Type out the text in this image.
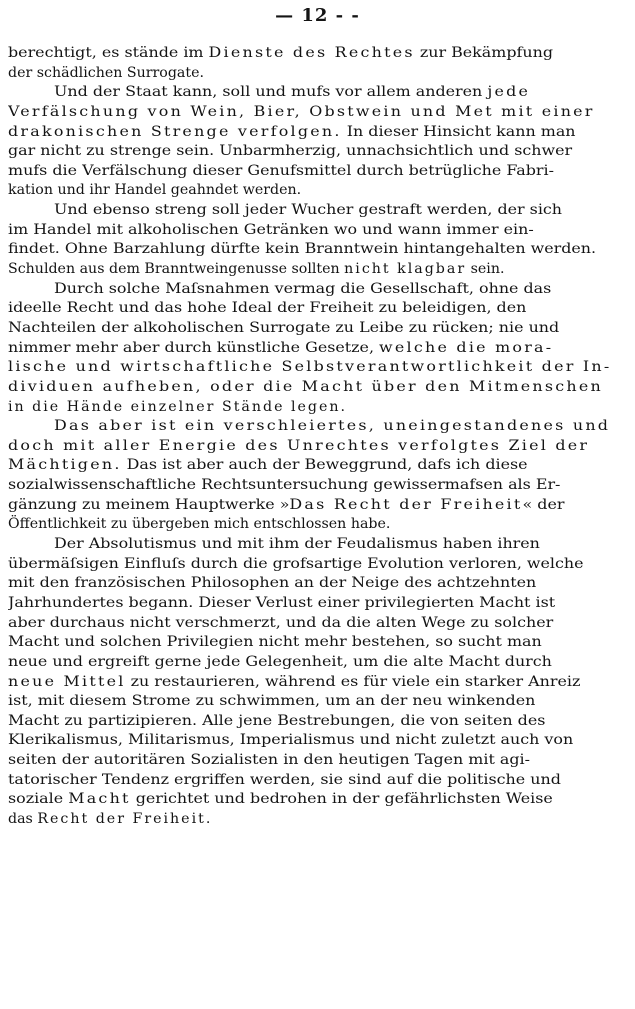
— 12 - -
berechtigt, es stände im Dienste des Rechtes zur Bekämpfung
der schädlichen Surrogate.
Und der Staat kann, soll und mufs vor allem anderen jede
Verfälschung von Wein, Bier, Obstwein und Met mit einer
drakonischen Strenge verfolgen. In dieser Hinsicht kann man
gar nicht zu strenge sein. Unbarmherzig, unnachsichtlich und schwer
mufs die Verfälschung dieser Genufsmittel durch betrügliche Fabri-
kation und ihr Handel geahndet werden.
Und ebenso streng soll jeder Wucher gestraft werden, der sich
im Handel mit alkoholischen Getränken wo und wann immer ein-
findet. Ohne Barzahlung dürfte kein Branntwein hintangehalten werden.
Schulden aus dem Branntweingenusse sollten nicht klagbar sein.
Durch solche Maſsnahmen vermag die Gesellschaft, ohne das
ideelle Recht und das hohe Ideal der Freiheit zu beleidigen, den
Nachteilen der alkoholischen Surrogate zu Leibe zu rücken; nie und
nimmer mehr aber durch künstliche Gesetze, welche die mora-
lische und wirtschaftliche Selbstverantwortlichkeit der In-
dividuen aufheben, oder die Macht über den Mitmenschen
in die Hände einzelner Stände legen.
Das aber ist ein verschleiertes, uneingestandenes und
doch mit aller Energie des Unrechtes verfolgtes Ziel der
Mächtigen. Das ist aber auch der Beweggrund, dafs ich diese
sozialwissenschaftliche Rechtsuntersuchung gewissermafsen als Er-
gänzung zu meinem Hauptwerke »Das Recht der Freiheit« der
Öffentlichkeit zu übergeben mich entschlossen habe.
Der Absolutismus und mit ihm der Feudalismus haben ihren
übermäſsigen Einfluſs durch die grofsartige Evolution verloren, welche
mit den französischen Philosophen an der Neige des achtzehnten
Jahrhundertes begann. Dieser Verlust einer privilegierten Macht ist
aber durchaus nicht verschmerzt, und da die alten Wege zu solcher
Macht und solchen Privilegien nicht mehr bestehen, so sucht man
neue und ergreift gerne jede Gelegenheit, um die alte Macht durch
neue Mittel zu restaurieren, während es für viele ein starker Anreiz
ist, mit diesem Strome zu schwimmen, um an der neu winkenden
Macht zu partizipieren. Alle jene Bestrebungen, die von seiten des
Klerikalismus, Militarismus, Imperialismus und nicht zuletzt auch von
seiten der autoritären Sozialisten in den heutigen Tagen mit agi-
tatorischer Tendenz ergriffen werden, sie sind auf die politische und
soziale Macht gerichtet und bedrohen in der gefährlichsten Weise
das Recht der Freiheit.
